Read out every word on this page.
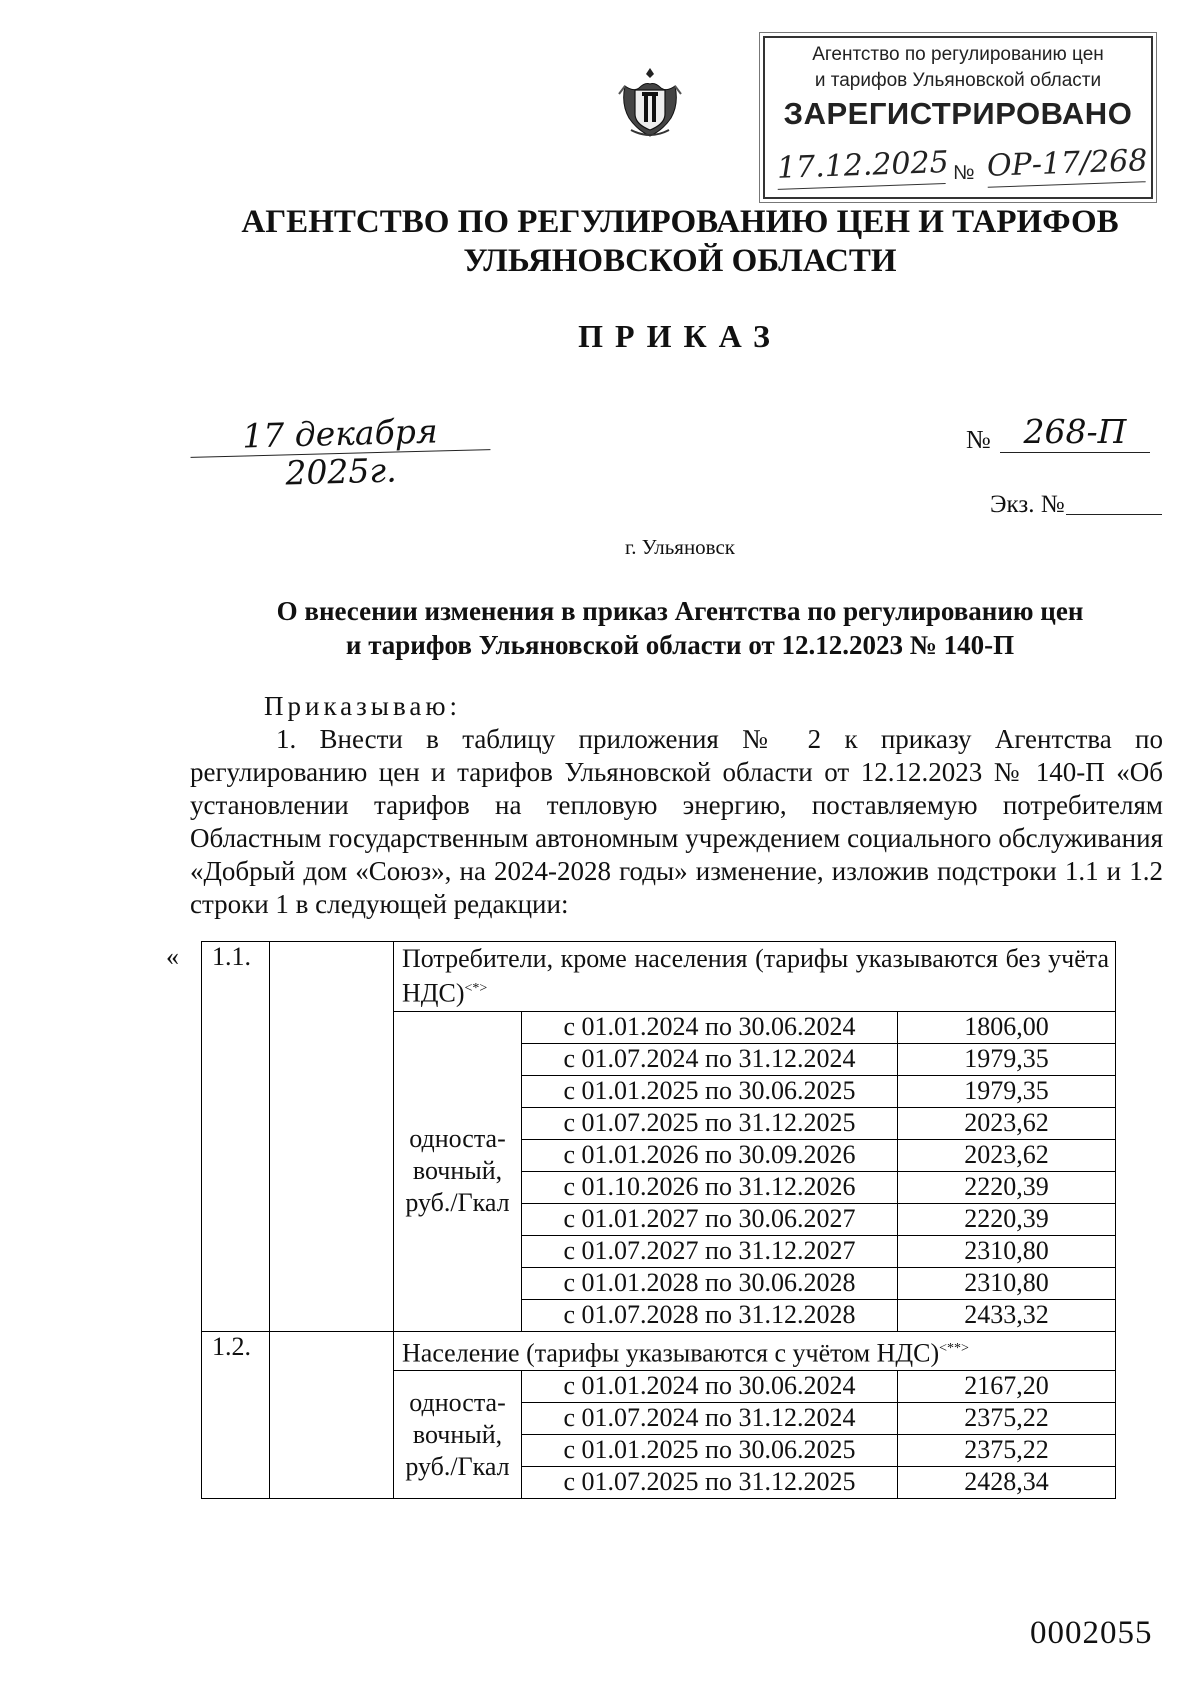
Агентство по регулированию цен
и тарифов Ульяновской области
ЗАРЕГИСТРИРОВАНО
17.12.2025 № ОР-17/268
АГЕНТСТВО ПО РЕГУЛИРОВАНИЮ ЦЕН И ТАРИФОВ
УЛЬЯНОВСКОЙ ОБЛАСТИ
ПРИКАЗ
17 декабря 2025г.
№ 268-П
Экз. №
г. Ульяновск
О внесении изменения в приказ Агентства по регулированию цен
и тарифов Ульяновской области от 12.12.2023 № 140-П
Приказываю:
1. Внести в таблицу приложения № 2 к приказу Агентства по регулированию цен и тарифов Ульяновской области от 12.12.2023 № 140-П «Об установлении тарифов на тепловую энергию, поставляемую потребителям Областным государственным автономным учреждением социального обслуживания «Добрый дом «Союз», на 2024-2028 годы» изменение, изложив подстроки 1.1 и 1.2 строки 1 в следующей редакции:
« 1.1.		Потребители, кроме населения (тарифы указываются без учёта НДС)<*>
		односта- вочный, руб./Гкал	с 01.01.2024 по 30.06.2024	1806,00
			с 01.07.2024 по 31.12.2024	1979,35
			с 01.01.2025 по 30.06.2025	1979,35
			с 01.07.2025 по 31.12.2025	2023,62
			с 01.01.2026 по 30.09.2026	2023,62
			с 01.10.2026 по 31.12.2026	2220,39
			с 01.01.2027 по 30.06.2027	2220,39
			с 01.07.2027 по 31.12.2027	2310,80
			с 01.01.2028 по 30.06.2028	2310,80
			с 01.07.2028 по 31.12.2028	2433,32
1.2.		Население (тарифы указываются с учётом НДС)<**>
		односта- вочный, руб./Гкал	с 01.01.2024 по 30.06.2024	2167,20
			с 01.07.2024 по 31.12.2024	2375,22
			с 01.01.2025 по 30.06.2025	2375,22
			с 01.07.2025 по 31.12.2025	2428,34
0002055
